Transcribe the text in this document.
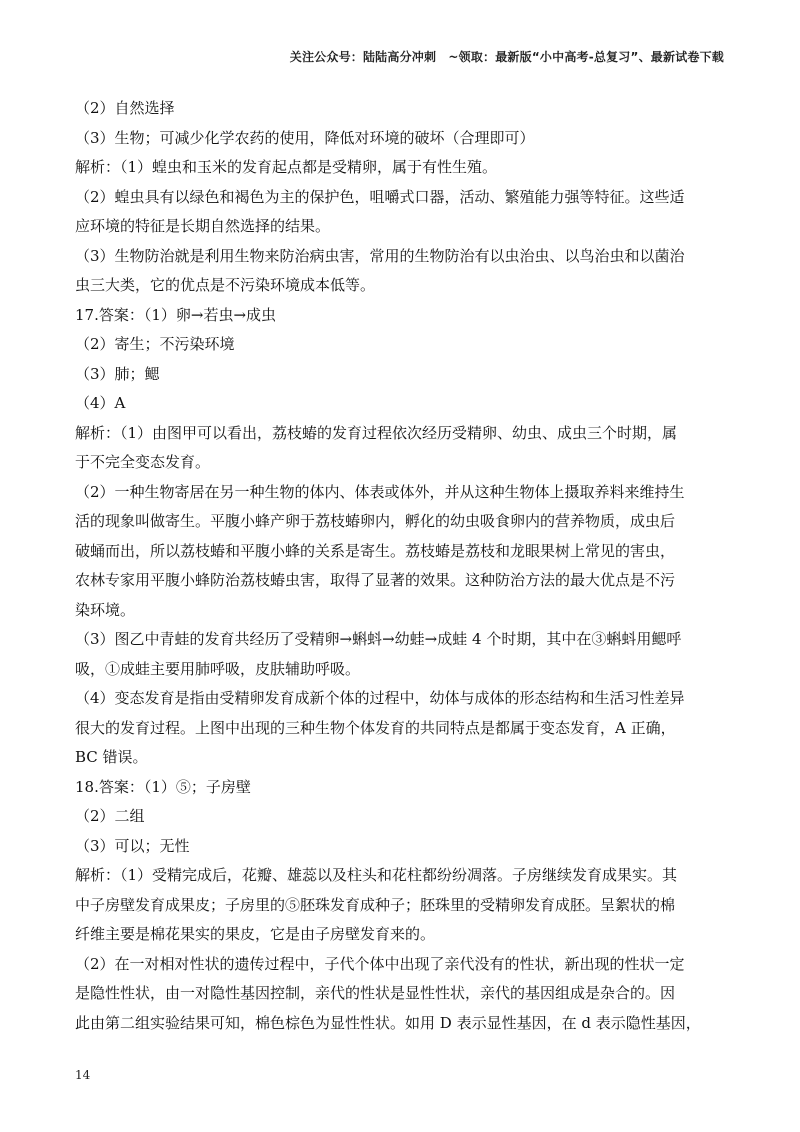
关注公众号：陆陆高分冲刺　~领取：最新版“小中高考-总复习”、最新试卷下载

（2）自然选择

（3）生物；可减少化学农药的使用，降低对环境的破坏（合理即可）

解析：（1）蝗虫和玉米的发育起点都是受精卵，属于有性生殖。

（2）蝗虫具有以绿色和褐色为主的保护色，咀嚼式口器，活动、繁殖能力强等特征。这些适

应环境的特征是长期自然选择的结果。

（3）生物防治就是利用生物来防治病虫害，常用的生物防治有以虫治虫、以鸟治虫和以菌治

虫三大类，它的优点是不污染环境成本低等。

17.答案：（1）卵→若虫→成虫

（2）寄生；不污染环境

（3）肺；鳃

（4）A

解析：（1）由图甲可以看出，荔枝蝽的发育过程依次经历受精卵、幼虫、成虫三个时期，属

于不完全变态发育。

（2）一种生物寄居在另一种生物的体内、体表或体外，并从这种生物体上摄取养料来维持生

活的现象叫做寄生。平腹小蜂产卵于荔枝蝽卵内，孵化的幼虫吸食卵内的营养物质，成虫后

破蛹而出，所以荔枝蝽和平腹小蜂的关系是寄生。荔枝蝽是荔枝和龙眼果树上常见的害虫，

农林专家用平腹小蜂防治荔枝蝽虫害，取得了显著的效果。这种防治方法的最大优点是不污

染环境。

（3）图乙中青蛙的发育共经历了受精卵→蝌蚪→幼蛙→成蛙 4 个时期，其中在③蝌蚪用鳃呼

吸，①成蛙主要用肺呼吸，皮肤辅助呼吸。

（4）变态发育是指由受精卵发育成新个体的过程中，幼体与成体的形态结构和生活习性差异

很大的发育过程。上图中出现的三种生物个体发育的共同特点是都属于变态发育，A 正确，

BC 错误。

18.答案：（1）⑤；子房壁

（2）二组

（3）可以；无性

解析：（1）受精完成后，花瓣、雄蕊以及柱头和花柱都纷纷凋落。子房继续发育成果实。其

中子房壁发育成果皮；子房里的⑤胚珠发育成种子；胚珠里的受精卵发育成胚。呈絮状的棉

纤维主要是棉花果实的果皮，它是由子房壁发育来的。

（2）在一对相对性状的遗传过程中，子代个体中出现了亲代没有的性状，新出现的性状一定

是隐性性状，由一对隐性基因控制，亲代的性状是显性性状，亲代的基因组成是杂合的。因

此由第二组实验结果可知，棉色棕色为显性性状。如用 D 表示显性基因，在 d 表示隐性基因，

14
